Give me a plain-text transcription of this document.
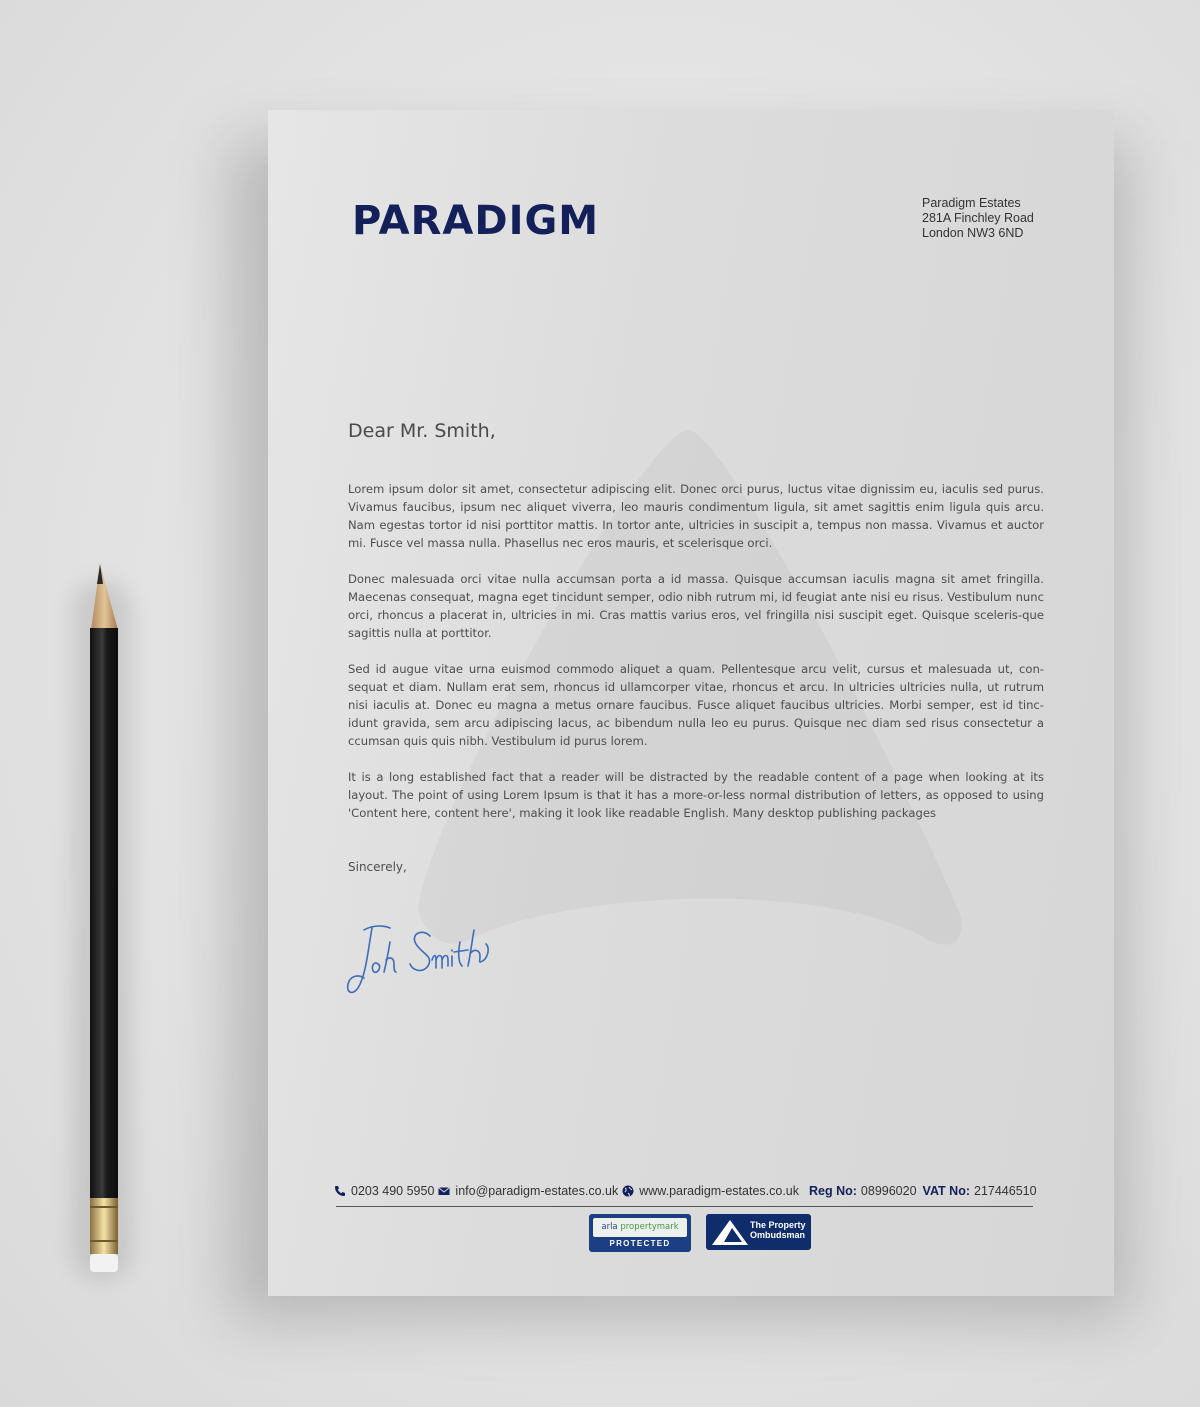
PARADIGM	Paradigm Estates
281A Finchley Road
London NW3 6ND
Dear Mr. Smith,

Lorem ipsum dolor sit amet, consectetur adipiscing elit. Donec orci purus, luctus vitae dignissim eu, iaculis sed purus. Vivamus faucibus, ipsum nec aliquet viverra, leo mauris condimentum ligula, sit amet sagittis enim ligula quis arcu. Nam egestas tortor id nisi porttitor mattis. In tortor ante, ultricies in suscipit a, tempus non massa. Vivamus et auctor mi. Fusce vel massa nulla. Phasellus nec eros mauris, et scelerisque orci.

Donec malesuada orci vitae nulla accumsan porta a id massa. Quisque accumsan iaculis magna sit amet fringilla. Maecenas consequat, magna eget tincidunt semper, odio nibh rutrum mi, id feugiat ante nisi eu risus. Vestibulum nunc orci, rhoncus a placerat in, ultricies in mi. Cras mattis varius eros, vel fringilla nisi suscipit eget. Quisque sceleris-que sagittis nulla at porttitor.

Sed id augue vitae urna euismod commodo aliquet a quam. Pellentesque arcu velit, cursus et malesuada ut, con-sequat et diam. Nullam erat sem, rhoncus id ullamcorper vitae, rhoncus et arcu. In ultricies ultricies nulla, ut rutrum nisi iaculis at. Donec eu magna a metus ornare faucibus. Fusce aliquet faucibus ultricies. Morbi semper, est id tinc-idunt gravida, sem arcu adipiscing lacus, ac bibendum nulla leo eu purus. Quisque nec diam sed risus consectetur a ccumsan quis quis nibh. Vestibulum id purus lorem.

It is a long established fact that a reader will be distracted by the readable content of a page when looking at its layout. The point of using Lorem Ipsum is that it has a more-or-less normal distribution of letters, as opposed to using 'Content here, content here', making it look like readable English. Many desktop publishing packages

Sincerely,
0203 490 5950 info@paradigm-estates.co.uk www.paradigm-estates.co.uk Reg No: 08996020 VAT No: 217446510
arla propertymark
PROTECTED
The Property
Ombudsman
